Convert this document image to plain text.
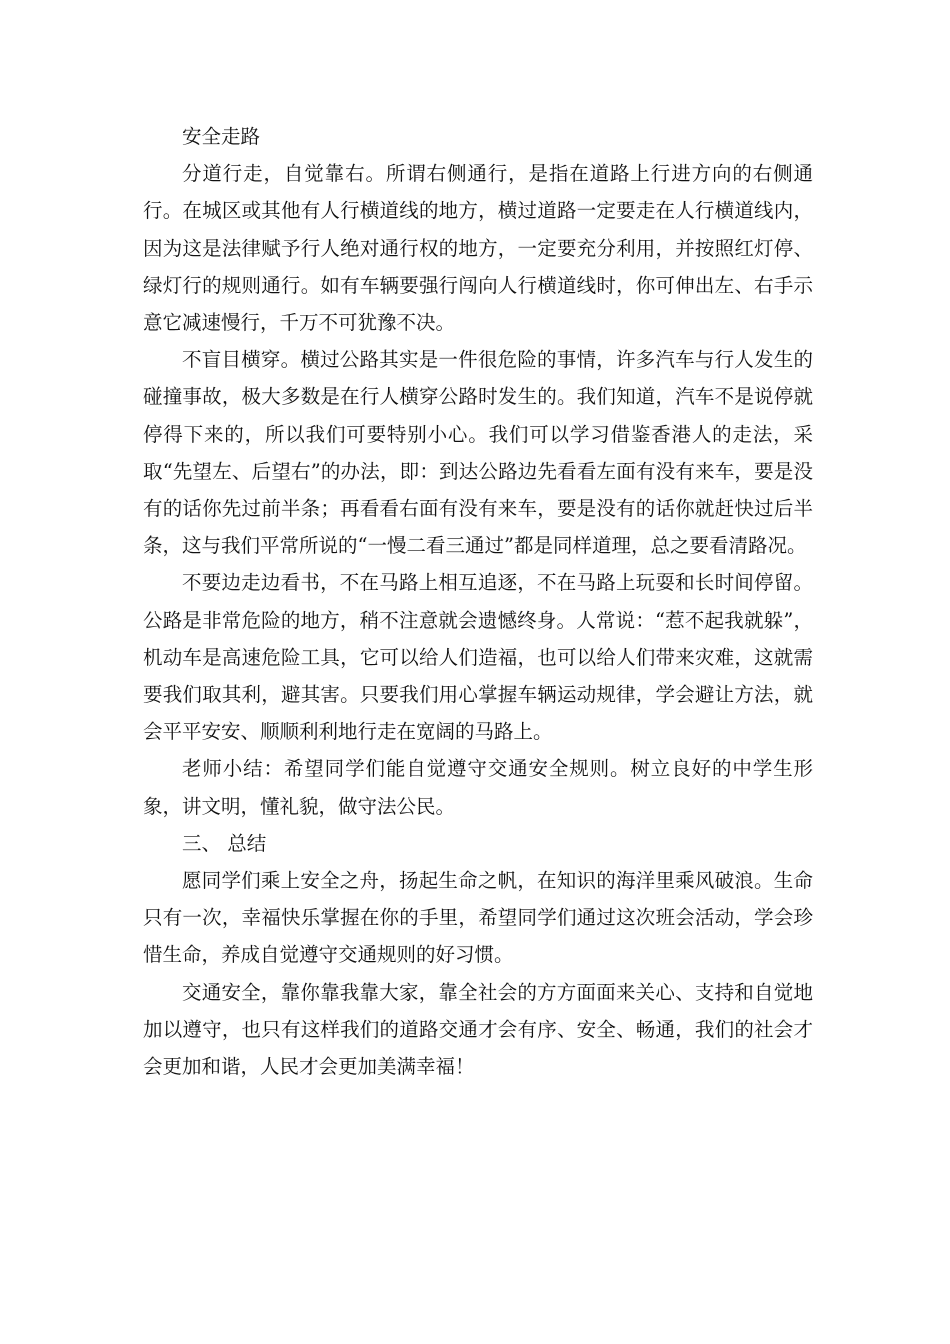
安全走路

分道行走，自觉靠右。所谓右侧通行，是指在道路上行进方向的右侧通行。在城区或其他有人行横道线的地方，横过道路一定要走在人行横道线内，因为这是法律赋予行人绝对通行权的地方，一定要充分利用，并按照红灯停、绿灯行的规则通行。如有车辆要强行闯向人行横道线时，你可伸出左、右手示意它减速慢行，千万不可犹豫不决。

不盲目横穿。横过公路其实是一件很危险的事情，许多汽车与行人发生的碰撞事故，极大多数是在行人横穿公路时发生的。我们知道，汽车不是说停就停得下来的，所以我们可要特别小心。我们可以学习借鉴香港人的走法，采取“先望左、后望右”的办法，即：到达公路边先看看左面有没有来车，要是没有的话你先过前半条；再看看右面有没有来车，要是没有的话你就赶快过后半条，这与我们平常所说的“一慢二看三通过”都是同样道理，总之要看清路况。

不要边走边看书，不在马路上相互追逐，不在马路上玩耍和长时间停留。公路是非常危险的地方，稍不注意就会遗憾终身。人常说：“惹不起我就躲”，机动车是高速危险工具，它可以给人们造福，也可以给人们带来灾难，这就需要我们取其利，避其害。只要我们用心掌握车辆运动规律，学会避让方法，就会平平安安、顺顺利利地行走在宽阔的马路上。

老师小结：希望同学们能自觉遵守交通安全规则。树立良好的中学生形象，讲文明，懂礼貌，做守法公民。

三、 总结

愿同学们乘上安全之舟，扬起生命之帆，在知识的海洋里乘风破浪。生命只有一次，幸福快乐掌握在你的手里，希望同学们通过这次班会活动，学会珍惜生命，养成自觉遵守交通规则的好习惯。

交通安全，靠你靠我靠大家，靠全社会的方方面面来关心、支持和自觉地加以遵守，也只有这样我们的道路交通才会有序、安全、畅通，我们的社会才会更加和谐，人民才会更加美满幸福！
